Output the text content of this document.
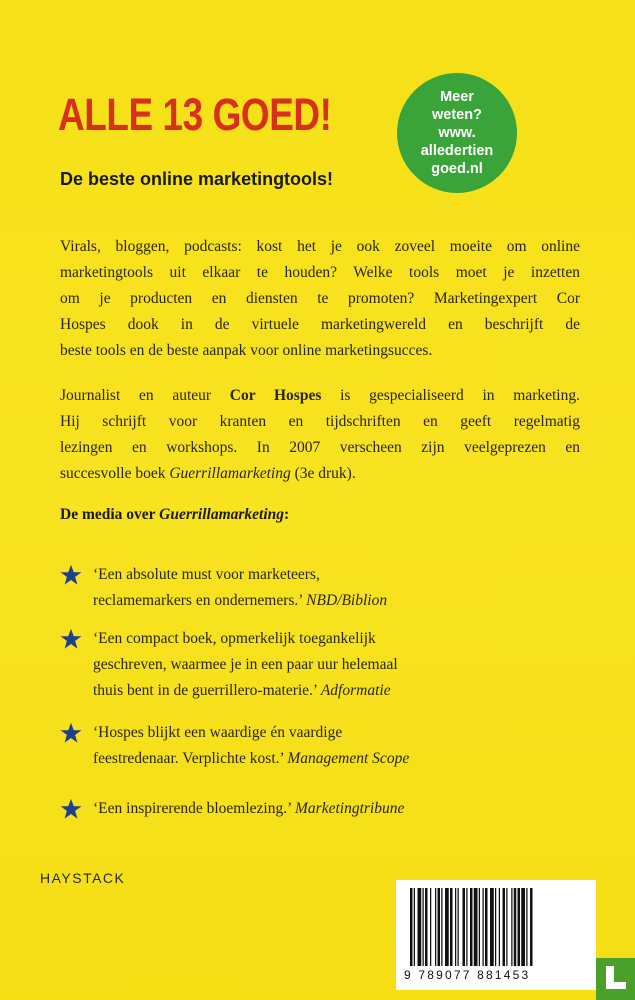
ALLE 13 GOED!
De beste online marketingtools!
Meer
weten?
www.
alledertien
goed.nl

Virals, bloggen, podcasts: kost het je ook zoveel moeite om online
marketingtools uit elkaar te houden? Welke tools moet je inzetten
om je producten en diensten te promoten? Marketingexpert Cor
Hospes dook in de virtuele marketingwereld en beschrijft de
beste tools en de beste aanpak voor online marketingsucces.

Journalist en auteur Cor Hospes is gespecialiseerd in marketing.
Hij schrijft voor kranten en tijdschriften en geeft regelmatig
lezingen en workshops. In 2007 verscheen zijn veelgeprezen en
succesvolle boek Guerrillamarketing (3e druk).

De media over Guerrillamarketing:

‘Een absolute must voor marketeers,
reclamemarkers en ondernemers.’ NBD/Biblion
‘Een compact boek, opmerkelijk toegankelijk
geschreven, waarmee je in een paar uur helemaal
thuis bent in de guerrillero-materie.’ Adformatie
‘Hospes blijkt een waardige én vaardige
feestredenaar. Verplichte kost.’ Management Scope
‘Een inspirerende bloemlezing.’ Marketingtribune
HAYSTACK
9 789077 881453
